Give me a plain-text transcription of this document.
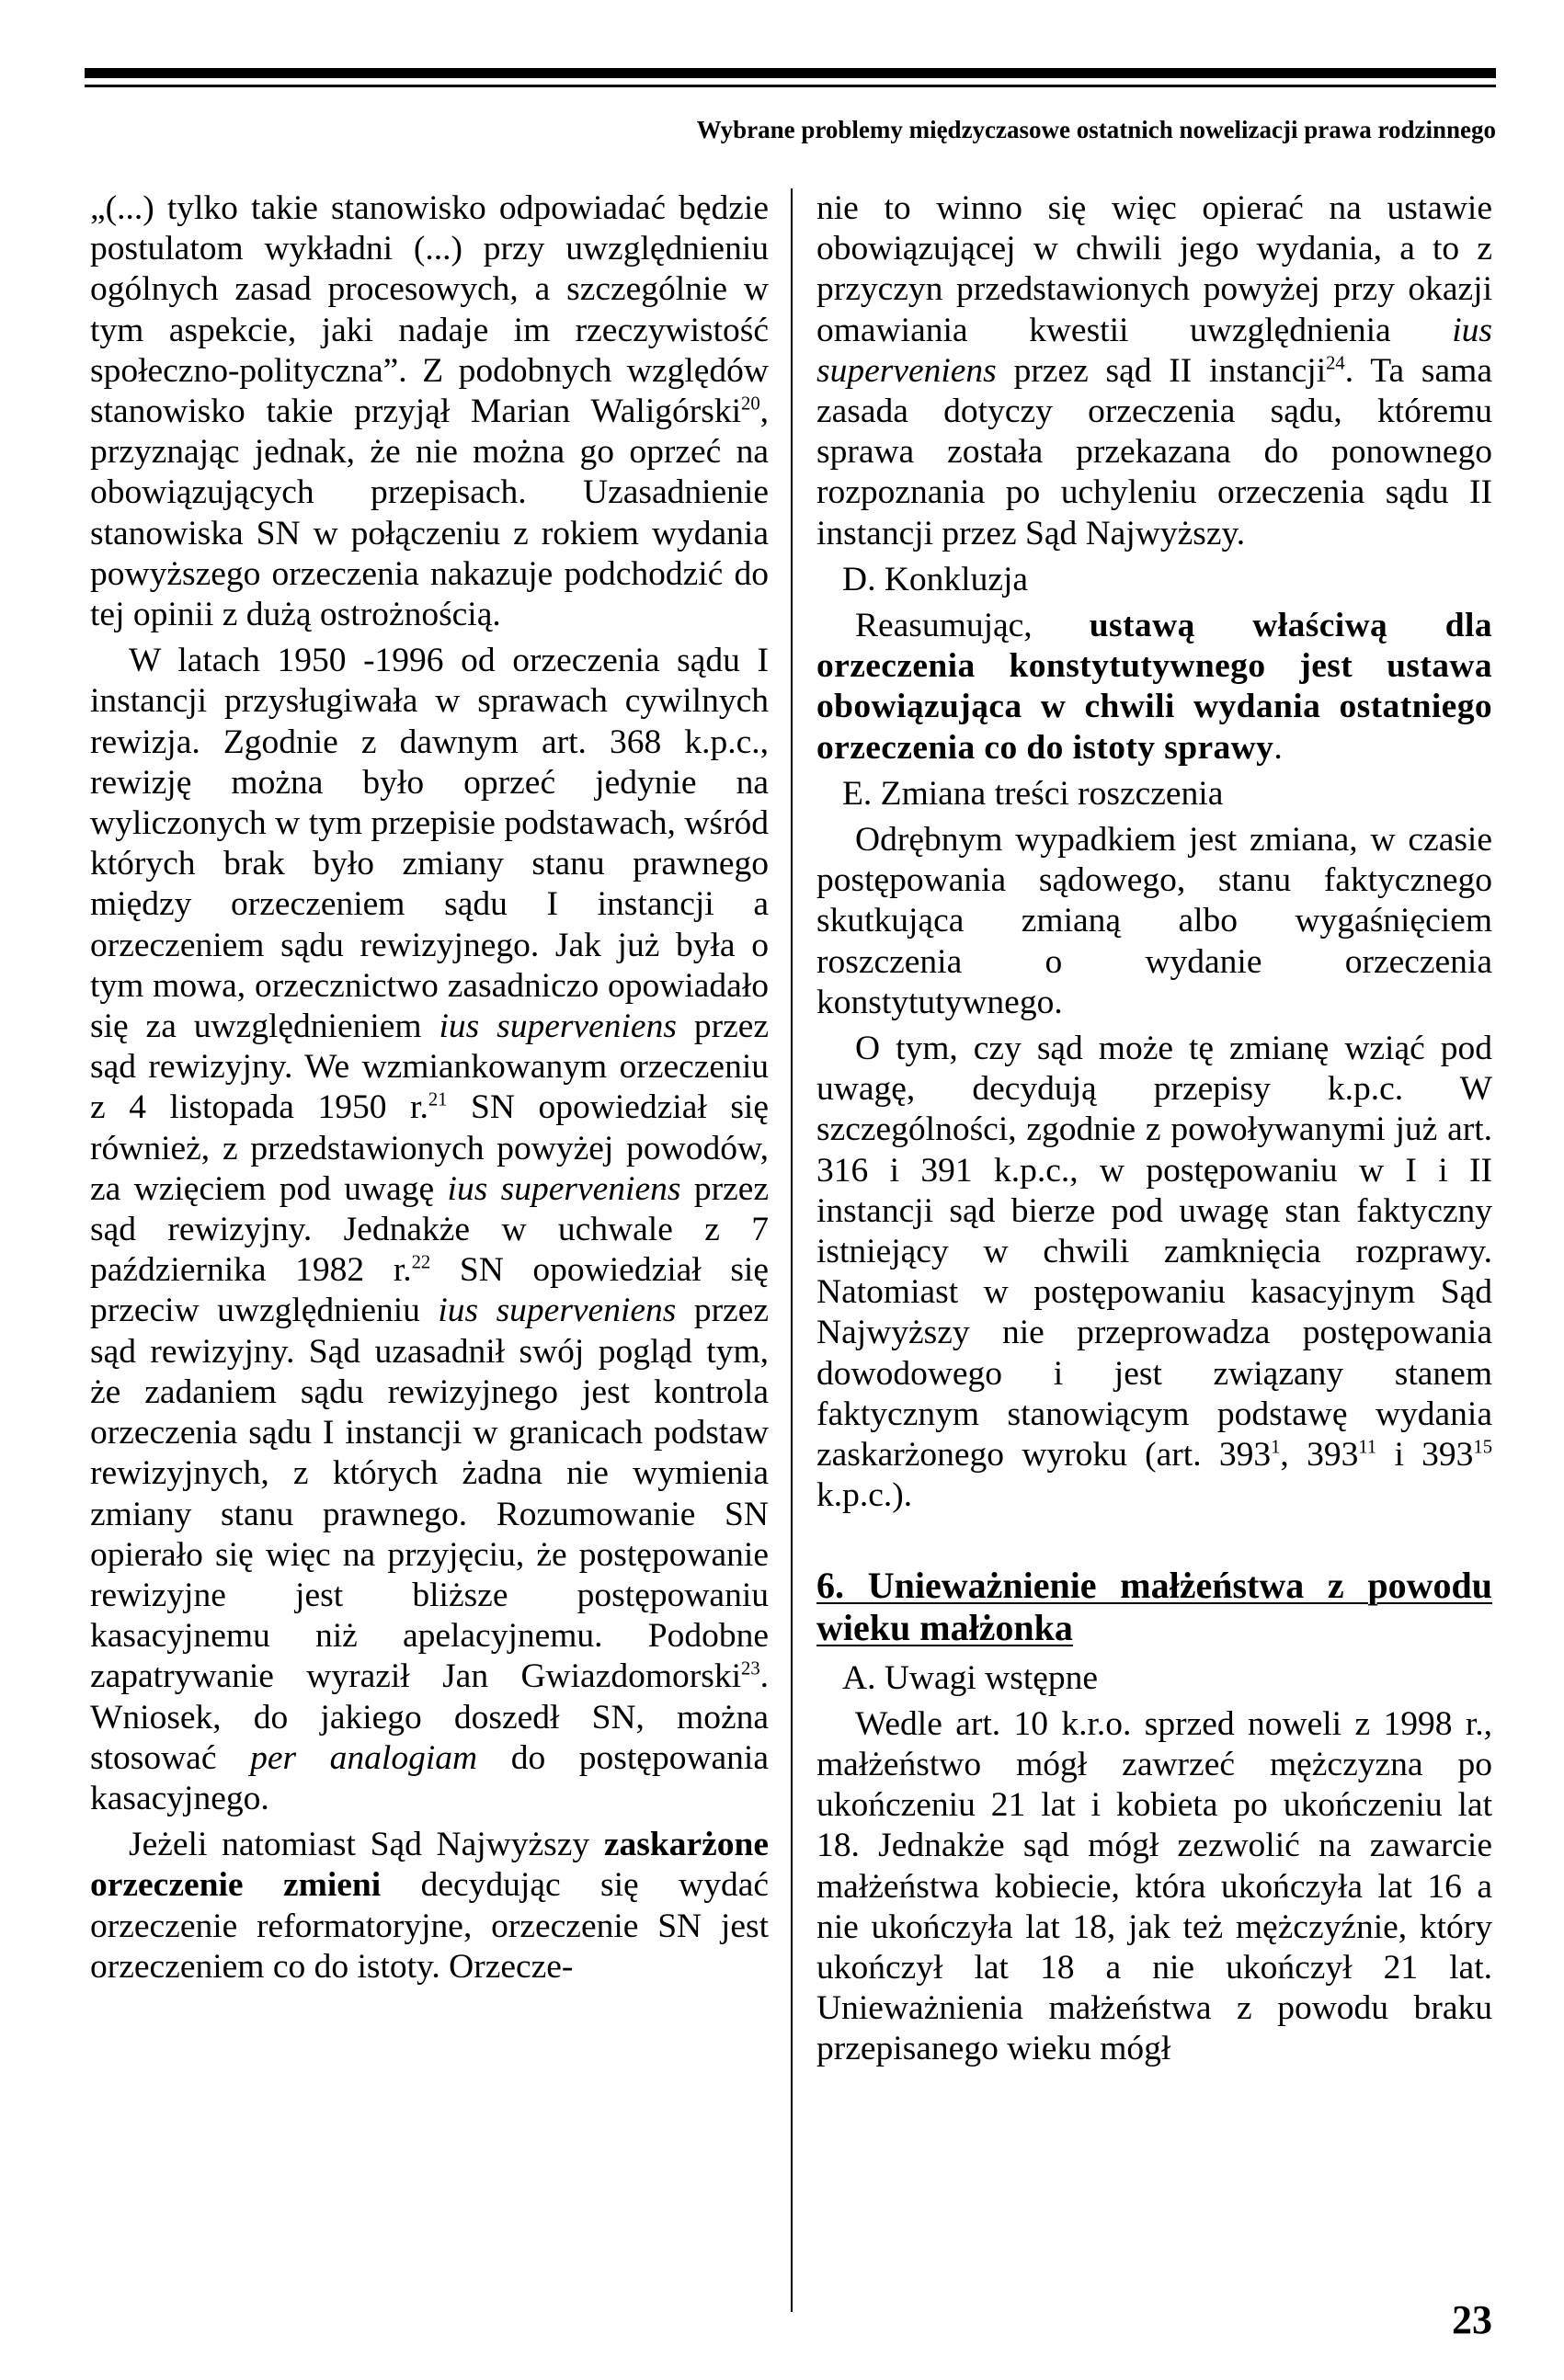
Wybrane problemy międzyczasowe ostatnich nowelizacji prawa rodzinnego

„(...) tylko takie stanowisko odpowiadać będzie postulatom wykładni (...) przy uwzględnieniu ogólnych zasad procesowych, a szczególnie w tym aspekcie, jaki nadaje im rzeczywistość społeczno-polityczna”. Z podobnych względów stanowisko takie przyjął Marian Waligórski$^{20}$, przyznając jednak, że nie można go oprzeć na obowiązujących przepisach. Uzasadnienie stanowiska SN w połączeniu z rokiem wydania powyższego orzeczenia nakazuje podchodzić do tej opinii z dużą ostrożnością.

W latach 1950 -1996 od orzeczenia sądu I instancji przysługiwała w sprawach cywilnych rewizja. Zgodnie z dawnym art. 368 k.p.c., rewizję można było oprzeć jedynie na wyliczonych w tym przepisie podstawach, wśród których brak było zmiany stanu prawnego między orzeczeniem sądu I instancji a orzeczeniem sądu rewizyjnego. Jak już była o tym mowa, orzecznictwo zasadniczo opowiadało się za uwzględnieniem ius superveniens przez sąd rewizyjny. We wzmiankowanym orzeczeniu z 4 listopada 1950 r.$^{21}$ SN opowiedział się również, z przedstawionych powyżej powodów, za wzięciem pod uwagę ius superveniens przez sąd rewizyjny. Jednakże w uchwale z 7 października 1982 r.$^{22}$ SN opowiedział się przeciw uwzględnieniu ius superveniens przez sąd rewizyjny. Sąd uzasadnił swój pogląd tym, że zadaniem sądu rewizyjnego jest kontrola orzeczenia sądu I instancji w granicach podstaw rewizyjnych, z których żadna nie wymienia zmiany stanu prawnego. Rozumowanie SN opierało się więc na przyjęciu, że postępowanie rewizyjne jest bliższe postępowaniu kasacyjnemu niż apelacyjnemu. Podobne zapatrywanie wyraził Jan Gwiazdomorski$^{23}$. Wniosek, do jakiego doszedł SN, można stosować per analogiam do postępowania kasacyjnego.

Jeżeli natomiast Sąd Najwyższy zaskarżone orzeczenie zmieni decydując się wydać orzeczenie reformatoryjne, orzeczenie SN jest orzeczeniem co do istoty. Orzecze-

nie to winno się więc opierać na ustawie obowiązującej w chwili jego wydania, a to z przyczyn przedstawionych powyżej przy okazji omawiania kwestii uwzględnienia ius superveniens przez sąd II instancji$^{24}$. Ta sama zasada dotyczy orzeczenia sądu, któremu sprawa została przekazana do ponownego rozpoznania po uchyleniu orzeczenia sądu II instancji przez Sąd Najwyższy.

D. Konkluzja

Reasumując, ustawą właściwą dla orzeczenia konstytutywnego jest ustawa obowiązująca w chwili wydania ostatniego orzeczenia co do istoty sprawy.

E. Zmiana treści roszczenia

Odrębnym wypadkiem jest zmiana, w czasie postępowania sądowego, stanu faktycznego skutkująca zmianą albo wygaśnięciem roszczenia o wydanie orzeczenia konstytutywnego.

O tym, czy sąd może tę zmianę wziąć pod uwagę, decydują przepisy k.p.c. W szczególności, zgodnie z powoływanymi już art. 316 i 391 k.p.c., w postępowaniu w I i II instancji sąd bierze pod uwagę stan faktyczny istniejący w chwili zamknięcia rozprawy. Natomiast w postępowaniu kasacyjnym Sąd Najwyższy nie przeprowadza postępowania dowodowego i jest związany stanem faktycznym stanowiącym podstawę wydania zaskarżonego wyroku (art. $393^1$, $393^{11}$ i $393^{15}$ k.p.c.).

6. Unieważnienie małżeństwa z powodu wieku małżonka

A. Uwagi wstępne

Wedle art. 10 k.r.o. sprzed noweli z 1998 r., małżeństwo mógł zawrzeć mężczyzna po ukończeniu 21 lat i kobieta po ukończeniu lat 18. Jednakże sąd mógł zezwolić na zawarcie małżeństwa kobiecie, która ukończyła lat 16 a nie ukończyła lat 18, jak też mężczyźnie, który ukończył lat 18 a nie ukończył 21 lat. Unieważnienia małżeństwa z powodu braku przepisanego wieku mógł

23
